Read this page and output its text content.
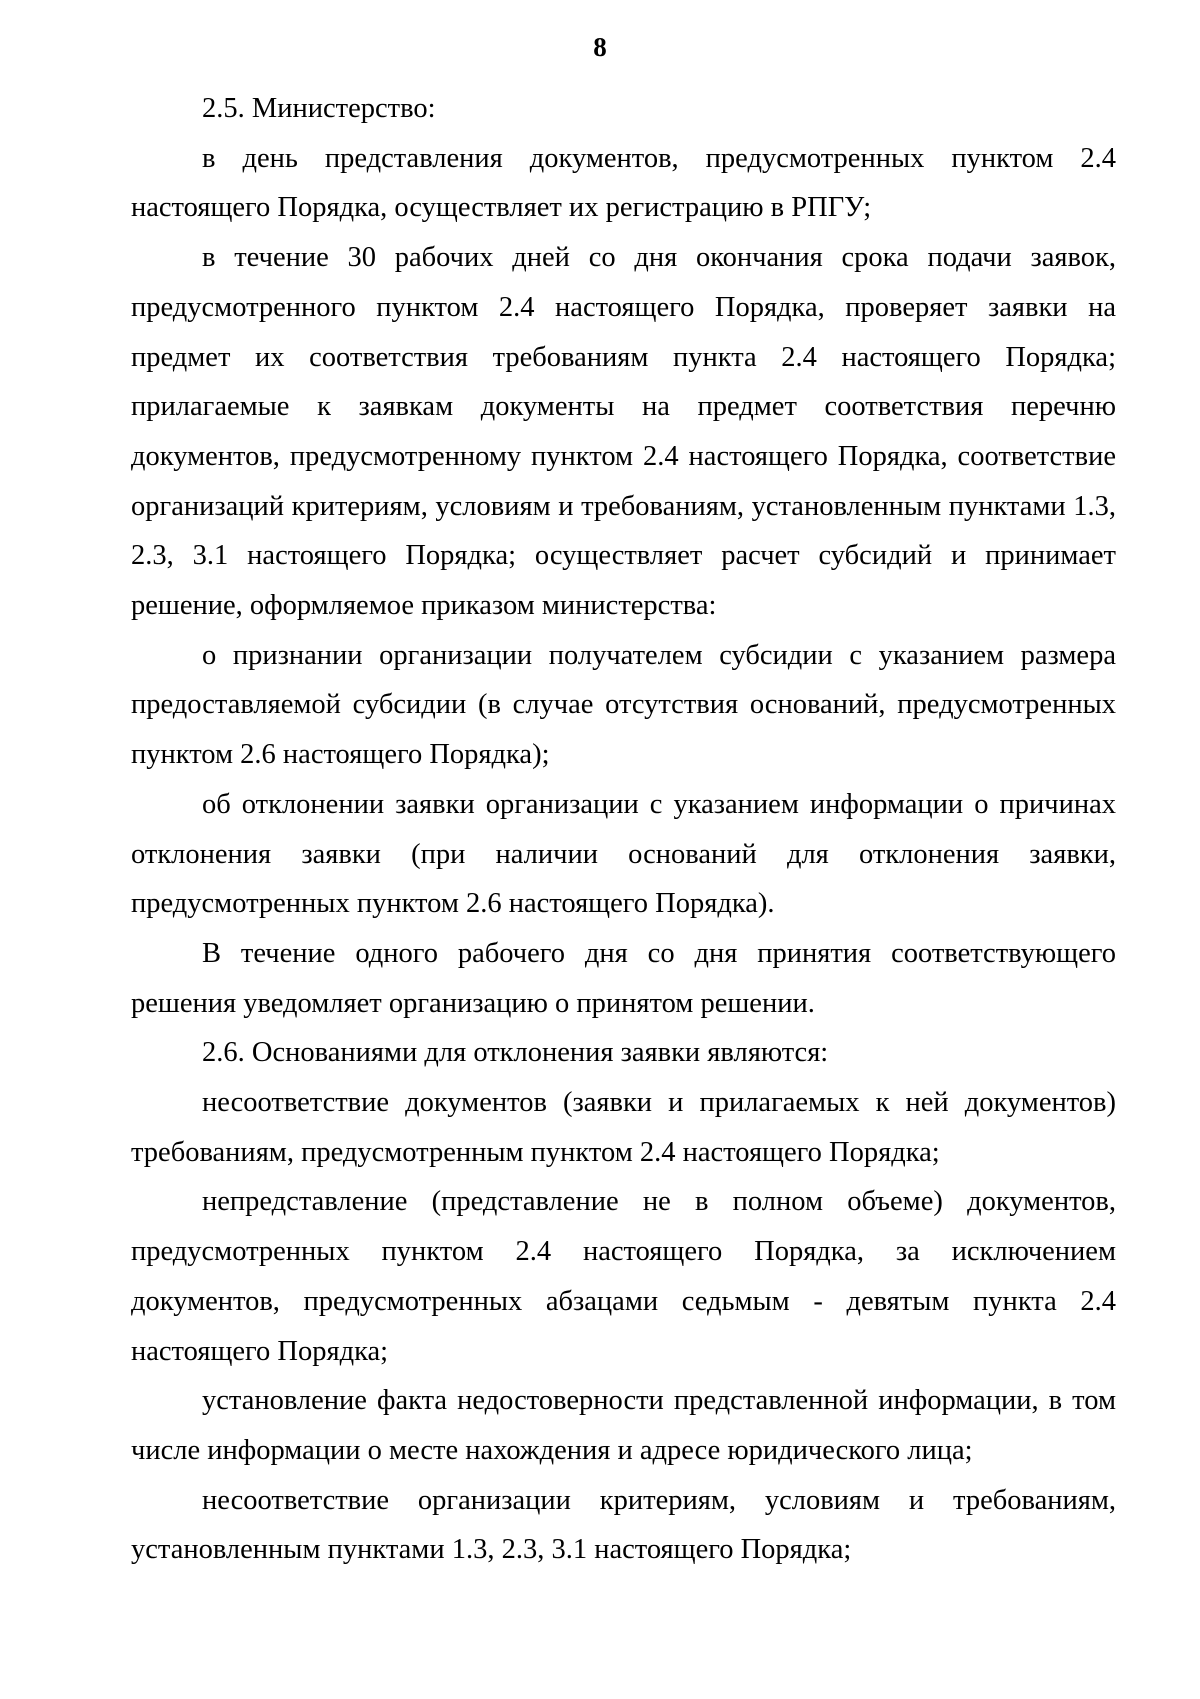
8

2.5. Министерство:

в день представления документов, предусмотренных пунктом 2.4 настоящего Порядка, осуществляет их регистрацию в РПГУ;

в течение 30 рабочих дней со дня окончания срока подачи заявок, предусмотренного пунктом 2.4 настоящего Порядка, проверяет заявки на предмет их соответствия требованиям пункта 2.4 настоящего Порядка; прилагаемые к заявкам документы на предмет соответствия перечню документов, предусмотренному пунктом 2.4 настоящего Порядка, соответствие организаций критериям, условиям и требованиям, установленным пунктами 1.3, 2.3, 3.1 настоящего Порядка; осуществляет расчет субсидий и принимает решение, оформляемое приказом министерства:

о признании организации получателем субсидии с указанием размера предоставляемой субсидии (в случае отсутствия оснований, предусмотренных пунктом 2.6 настоящего Порядка);

об отклонении заявки организации с указанием информации о причинах отклонения заявки (при наличии оснований для отклонения заявки, предусмотренных пунктом 2.6 настоящего Порядка).

В течение одного рабочего дня со дня принятия соответствующего решения уведомляет организацию о принятом решении.

2.6. Основаниями для отклонения заявки являются:

несоответствие документов (заявки и прилагаемых к ней документов) требованиям, предусмотренным пунктом 2.4 настоящего Порядка;

непредставление (представление не в полном объеме) документов, предусмотренных пунктом 2.4 настоящего Порядка, за исключением документов, предусмотренных абзацами седьмым - девятым пункта 2.4 настоящего Порядка;

установление факта недостоверности представленной информации, в том числе информации о месте нахождения и адресе юридического лица;

несоответствие организации критериям, условиям и требованиям, установленным пунктами 1.3, 2.3, 3.1 настоящего Порядка;
